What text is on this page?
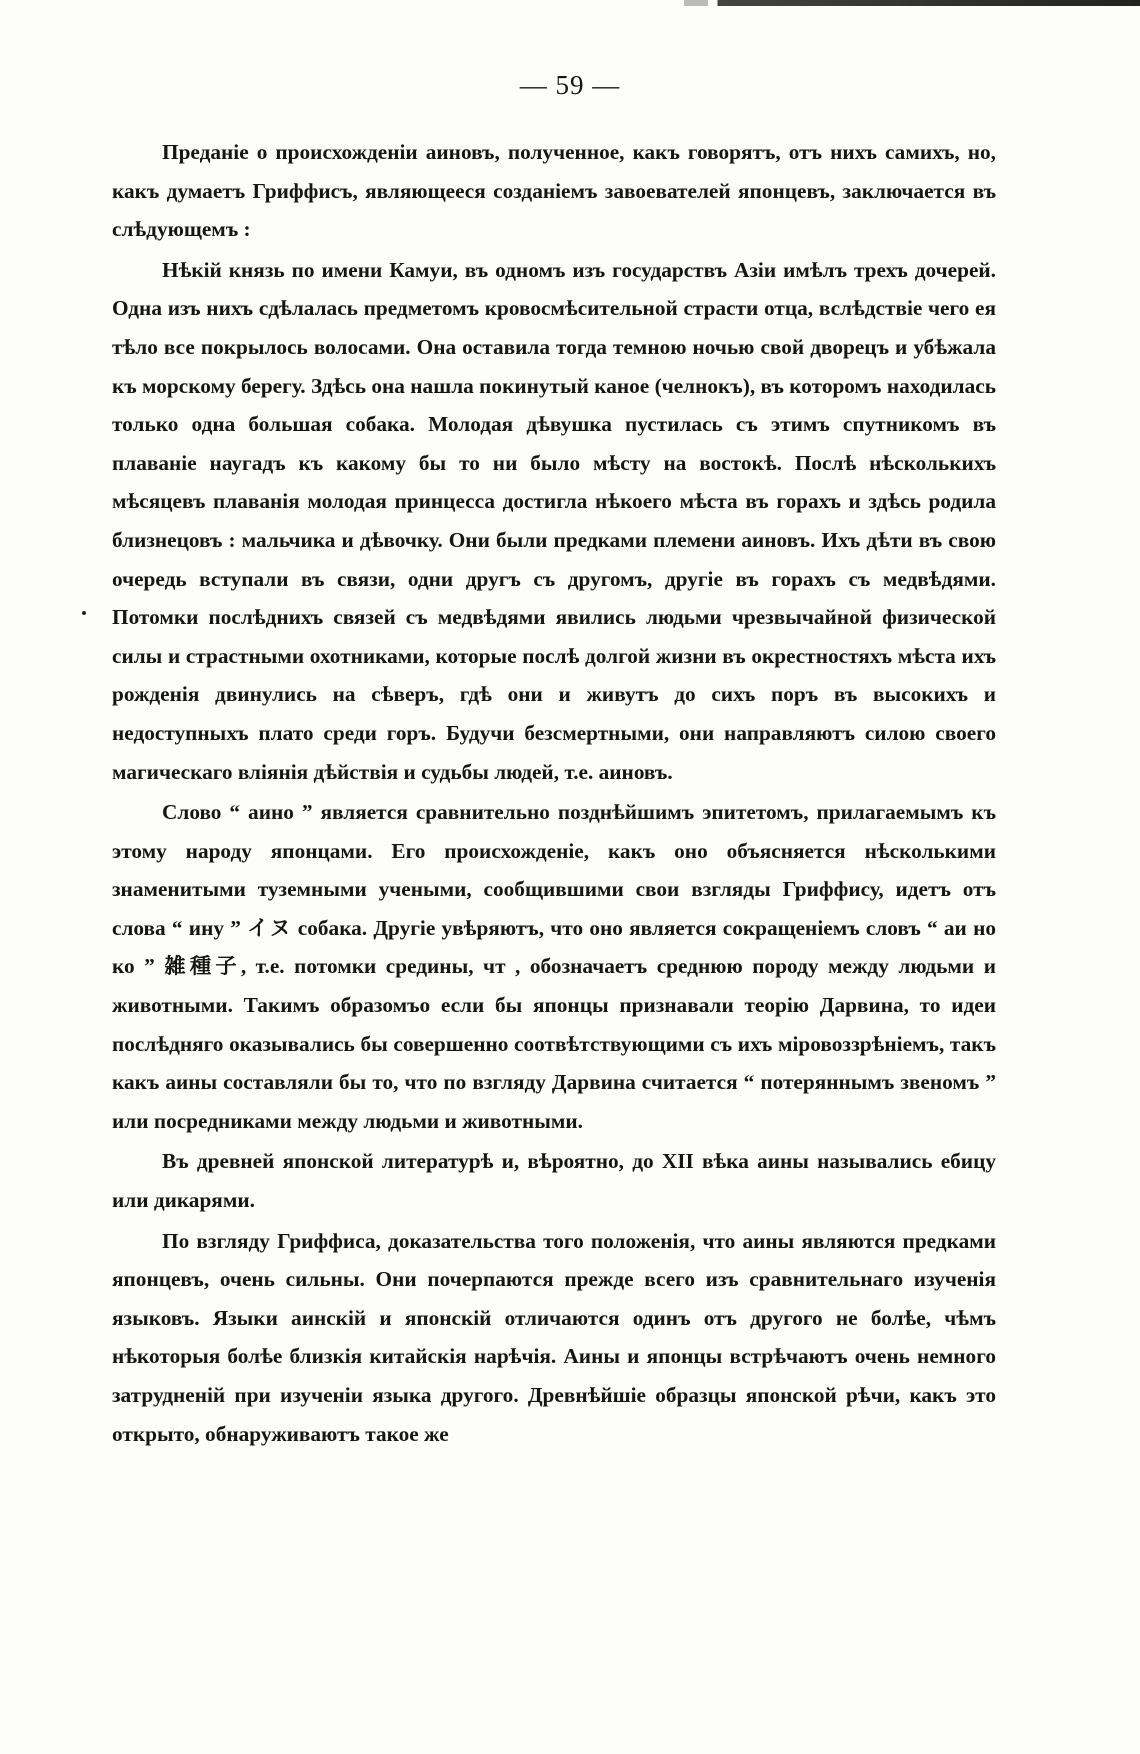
— 59 —

Преданіе о происхожденіи аиновъ, полученное, какъ говорятъ, отъ нихъ самихъ, но, какъ думаетъ Гриффисъ, являющееся созданіемъ завоевателей японцевъ, заключается въ слѣдующемъ :

Нѣкій князь по имени Камуи, въ одномъ изъ государствъ Азіи имѣлъ трехъ дочерей. Одна изъ нихъ сдѣлалась предметомъ кровосмѣсительной страсти отца, вслѣдствіе чего ея тѣло все покрылось волосами. Она оставила тогда темною ночью свой дворецъ и убѣжала къ морскому берегу. Здѣсь она нашла покинутый каное (челнокъ), въ которомъ находилась только одна большая собака. Молодая дѣвушка пустилась съ этимъ спутникомъ въ плаваніе наугадъ къ какому бы то ни было мѣсту на востокѣ. Послѣ нѣсколькихъ мѣсяцевъ плаванія молодая принцесса достигла нѣкоего мѣста въ горахъ и здѣсь родила близнецовъ : мальчика и дѣвочку. Они были предками племени аиновъ. Ихъ дѣти въ свою очередь вступали въ связи, одни другъ съ другомъ, другіе въ горахъ съ медвѣдями. Потомки послѣднихъ связей съ медвѣдями явились людьми чрезвычайной физической силы и страстными охотниками, которые послѣ долгой жизни въ окрестностяхъ мѣста ихъ рожденія двинулись на сѣверъ, гдѣ они и живутъ до сихъ поръ въ высокихъ и недоступныхъ плато среди горъ. Будучи безсмертными, они направляютъ силою своего магическаго вліянія дѣйствія и судьбы людей, т.е. аиновъ.

Слово “ аино ” является сравнительно позднѣйшимъ эпитетомъ, прилагаемымъ къ этому народу японцами. Его происхожденіе, какъ оно объясняется нѣсколькими знаменитыми туземными учеными, сообщившими свои взгляды Гриффису, идетъ отъ слова “ ину ” イヌ собака. Другіе увѣряютъ, что оно является сокращеніемъ словъ “ аи но ко ” 雑種子, т.е. потомки средины, чт , обозначаетъ среднюю породу между людьми и животными. Такимъ образомъо если бы японцы признавали теорію Дарвина, то идеи послѣдняго оказывались бы совершенно соотвѣтствующими съ ихъ міровоззрѣніемъ, такъ какъ аины составляли бы то, что по взгляду Дарвина считается “ потеряннымъ звеномъ ” или посредниками между людьми и животными.

Въ древней японской литературѣ и, вѣроятно, до XII вѣка аины назывались ебицу или дикарями.

По взгляду Гриффиса, доказательства того положенія, что аины являются предками японцевъ, очень сильны. Они почерпаются прежде всего изъ сравнительнаго изученія языковъ. Языки аинскій и японскій отличаются одинъ отъ другого не болѣе, чѣмъ нѣкоторыя болѣе близкія китайскія нарѣчія. Аины и японцы встрѣчаютъ очень немного затрудненій при изученіи языка другого. Древнѣйшіе образцы японской рѣчи, какъ это открыто, обнаруживаютъ такое же
